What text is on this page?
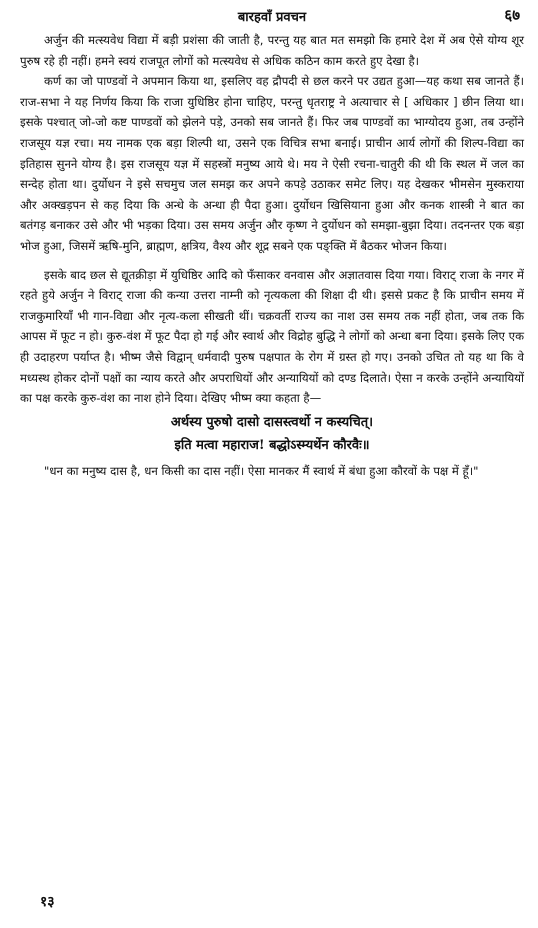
बारहवाँ प्रवचन	६७

अर्जुन की मत्स्यवेध विद्या में बड़ी प्रशंसा की जाती है, परन्तु यह बात मत समझो कि हमारे देश में अब ऐसे योग्य शूर पुरुष रहे ही नहीं। हमने स्वयं राजपूत लोगों को मत्स्यवेध से अधिक कठिन काम करते हुए देखा है।

कर्ण का जो पाण्डवों ने अपमान किया था, इसलिए वह द्रौपदी से छल करने पर उद्यत हुआ—यह कथा सब जानते हैं। राज-सभा ने यह निर्णय किया कि राजा युधिष्ठिर होना चाहिए, परन्तु धृतराष्ट्र ने अत्याचार से [ अधिकार ] छीन लिया था। इसके पश्चात् जो-जो कष्ट पाण्डवों को झेलने पड़े, उनको सब जानते हैं। फिर जब पाण्डवों का भाग्योदय हुआ, तब उन्होंने राजसूय यज्ञ रचा। मय नामक एक बड़ा शिल्पी था, उसने एक विचित्र सभा बनाई। प्राचीन आर्य लोगों की शिल्प-विद्या का इतिहास सुनने योग्य है। इस राजसूय यज्ञ में सहस्त्रों मनुष्य आये थे। मय ने ऐसी रचना-चातुरी की थी कि स्थल में जल का सन्देह होता था। दुर्योधन ने इसे सचमुच जल समझ कर अपने कपड़े उठाकर समेट लिए। यह देखकर भीमसेन मुस्कराया और अक्खड़पन से कह दिया कि अन्धे के अन्धा ही पैदा हुआ। दुर्योधन खिसियाना हुआ और कनक शास्त्री ने बात का बतंगड़ बनाकर उसे और भी भड़का दिया। उस समय अर्जुन और कृष्ण ने दुर्योधन को समझा-बुझा दिया। तदनन्तर एक बड़ा भोज हुआ, जिसमें ऋषि-मुनि, ब्राह्मण, क्षत्रिय, वैश्य और शूद्र सबने एक पङ्क्ति में बैठकर भोजन किया।

इसके बाद छल से द्यूतक्रीड़ा में युधिष्ठिर आदि को फँसाकर वनवास और अज्ञातवास दिया गया। विराट् राजा के नगर में रहते हुये अर्जुन ने विराट् राजा की कन्या उत्तरा नाम्नी को नृत्यकला की शिक्षा दी थी। इससे प्रकट है कि प्राचीन समय में राजकुमारियाँ भी गान-विद्या और नृत्य-कला सीखती थीं। चक्रवर्ती राज्य का नाश उस समय तक नहीं होता, जब तक कि आपस में फूट न हो। कुरु-वंश में फूट पैदा हो गई और स्वार्थ और विद्रोह बुद्धि ने लोगों को अन्धा बना दिया। इसके लिए एक ही उदाहरण पर्याप्त है। भीष्म जैसे विद्वान् धर्मवादी पुरुष पक्षपात के रोग में ग्रस्त हो गए। उनको उचित तो यह था कि वे मध्यस्थ होकर दोनों पक्षों का न्याय करते और अपराधियों और अन्यायियों को दण्ड दिलाते। ऐसा न करके उन्होंने अन्यायियों का पक्ष करके कुरु-वंश का नाश होने दिया। देखिए भीष्म क्या कहता है—

अर्थस्य पुरुषो दासो दासस्त्वर्थो न कस्यचित्।

इति मत्वा महाराज! बद्धोऽस्म्यर्थेन कौरवैः॥

"धन का मनुष्य दास है, धन किसी का दास नहीं। ऐसा मानकर मैं स्वार्थ में बंधा हुआ कौरवों के पक्ष में हूँ।"

१३
